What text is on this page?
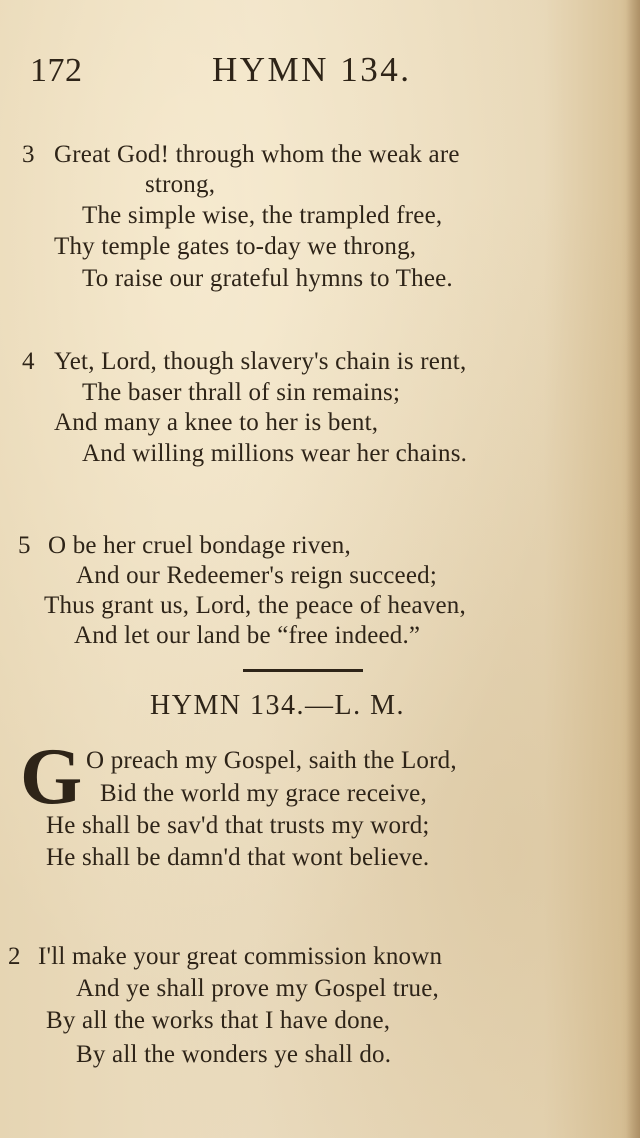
172	HYMN 134.
3 Great God! through whom the weak are
strong,
The simple wise, the trampled free,
Thy temple gates to-day we throng,
To raise our grateful hymns to Thee.
4 Yet, Lord, though slavery's chain is rent,
The baser thrall of sin remains;
And many a knee to her is bent,
And willing millions wear her chains.
5 O be her cruel bondage riven,
And our Redeemer's reign succeed;
Thus grant us, Lord, the peace of heaven,
And let our land be “free indeed.”
HYMN 134.—L. M.
G O preach my Gospel, saith the Lord,
Bid the world my grace receive,
He shall be sav'd that trusts my word;
He shall be damn'd that wont believe.
2 I'll make your great commission known
And ye shall prove my Gospel true,
By all the works that I have done,
By all the wonders ye shall do.
